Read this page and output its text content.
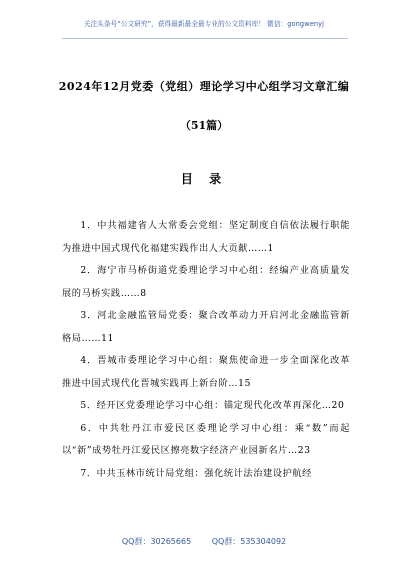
关注头条号“公文研究”，获得最新最全最专业的公文资料库！ 微信：gongwenyj
2024年12月党委（党组）理论学习中心组学习文章汇编
（51篇）
目 录

1．中共福建省人大常委会党组：坚定制度自信依法履行职能为推进中国式现代化福建实践作出人大贡献……1

2．海宁市马桥街道党委理论学习中心组：经编产业高质量发展的马桥实践……8

3．河北金融监管局党委：聚合改革动力开启河北金融监管新格局……11

4．晋城市委理论学习中心组：聚焦使命进一步全面深化改革推进中国式现代化晋城实践再上新台阶…15

5．经开区党委理论学习中心组：锚定现代化改革再深化…20

6．中共牡丹江市爱民区委理论学习中心组：乘“数”而起以“新”成势牡丹江爱民区擦亮数字经济产业园新名片…23

7．中共玉林市统计局党组：强化统计法治建设护航经

QQ群：30265665	QQ群：535304092
